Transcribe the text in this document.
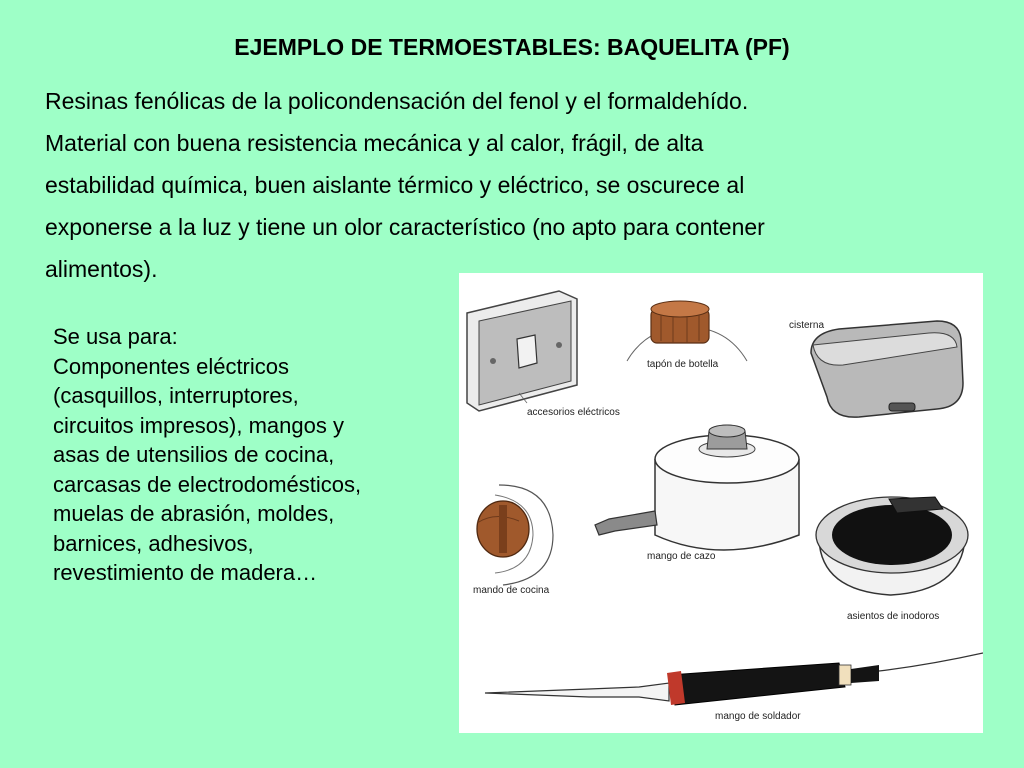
EJEMPLO DE TERMOESTABLES: BAQUELITA (PF)
Resinas fenólicas de la policondensación del fenol y el formaldehído.
Material con buena resistencia mecánica y al calor, frágil, de alta
estabilidad química, buen aislante térmico y eléctrico, se oscurece al
exponerse a la luz y tiene un olor característico (no apto para contener
alimentos).
Se usa para:
Componentes eléctricos
(casquillos, interruptores,
circuitos impresos), mangos y
asas de utensilios de cocina,
carcasas de electrodomésticos,
muelas de abrasión, moldes,
barnices, adhesivos,
revestimiento de madera…
accesorios eléctricos
tapón de botella
cisterna
mango de cazo
mando de cocina
asientos de inodoros
mango de soldador
